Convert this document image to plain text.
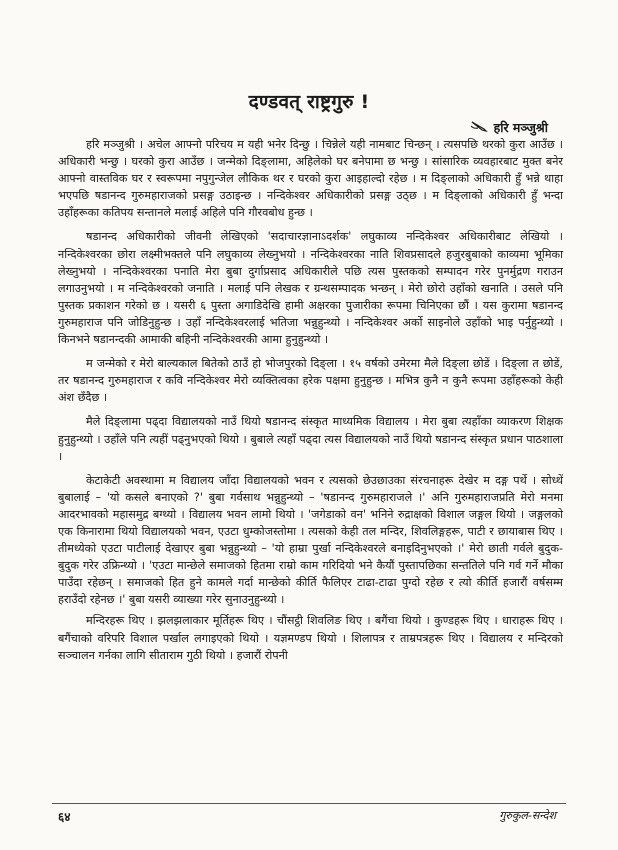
दण्डवत् राष्ट्रगुरु !
हरि मञ्जुश्री

हरि मञ्जुश्री । अचेल आफ्नो परिचय म यही भनेर दिन्छु । चिन्नेले यही नामबाट चिन्छन् । त्यसपछि थरको कुरा आउँछ । अधिकारी भन्छु । घरको कुरा आउँछ । जन्मेको दिङ्लामा, अहिलेको घर बनेपामा छ भन्छु । सांसारिक व्यवहारबाट मुक्त बनेर आफ्नो वास्तविक घर र स्वरूपमा नपुगुन्जेल लौकिक थर र घरको कुरा आइहाल्दो रहेछ । म दिङ्लाको अधिकारी हुँ भन्ने थाहा भएपछि षडानन्द गुरुमहाराजको प्रसङ्ग उठाइन्छ । नन्दिकेश्वर अधिकारीको प्रसङ्ग उठ्छ । म दिङ्लाको अधिकारी हुँ भन्दा उहाँहरूका कतिपय सन्तानले मलाई अहिले पनि गौरवबोध हुन्छ ।

षडानन्द अधिकारीको जीवनी लेखिएको 'सदाचारज्ञानाऽदर्शक' लघुकाव्य नन्दिकेश्वर अधिकारीबाट लेखियो । नन्दिकेश्वरका छोरा लक्ष्मीभक्तले पनि लघुकाव्य लेख्नुभयो । नन्दिकेश्वरका नाति शिवप्रसादले हजुरबुबाको काव्यमा भूमिका लेख्नुभयो । नन्दिकेश्वरका पनाति मेरा बुबा दुर्गाप्रसाद अधिकारीले पछि त्यस पुस्तकको सम्पादन गरेर पुनर्मुद्रण गराउन लगाउनुभयो । म नन्दिकेश्वरको जनाति । मलाई पनि लेखक र ग्रन्थसम्पादक भन्छन् । मेरो छोरो उहाँको खनाति । उसले पनि पुस्तक प्रकाशन गरेको छ । यसरी ६ पुस्ता अगाडिदेखि हामी अक्षरका पुजारीका रूपमा चिनिएका छौं । यस कुरामा षडानन्द गुरुमहाराज पनि जोडिनुहुन्छ । उहाँ नन्दिकेश्वरलाई भतिजा भन्नुहुन्थ्यो । नन्दिकेश्वर अर्को साइनोले उहाँको भाइ पर्नुहुन्थ्यो । किनभने षडानन्दकी आमाकी बहिनी नन्दिकेश्वरकी आमा हुनुहुन्थ्यो ।

म जन्मेको र मेरो बाल्यकाल बितेको ठाउँ हो भोजपुरको दिङ्ला । १५ वर्षको उमेरमा मैले दिङ्ला छोडें । दिङ्ला त छोडें, तर षडानन्द गुरुमहाराज र कवि नन्दिकेश्वर मेरो व्यक्तित्वका हरेक पक्षमा हुनुहुन्छ । मभित्र कुनै न कुनै रूपमा उहाँहरूको केही अंश छँदैछ ।

मैले दिङ्लामा पढ्दा विद्यालयको नाउँ थियो षडानन्द संस्कृत माध्यमिक विद्यालय । मेरा बुबा त्यहाँका व्याकरण शिक्षक हुनुहुन्थ्यो । उहाँले पनि त्यहीं पढ्नुभएको थियो । बुबाले त्यहाँ पढ्दा त्यस विद्यालयको नाउँ थियो षडानन्द संस्कृत प्रधान पाठशाला ।

केटाकेटी अवस्थामा म विद्यालय जाँदा विद्यालयको भवन र त्यसको छेउछाउका संरचनाहरू देखेर म दङ्ग पर्थे । सोध्थें बुबालाई – 'यो कसले बनाएको ?' बुबा गर्वसाथ भन्नुहुन्थ्यो – 'षडानन्द गुरुमहाराजले ।' अनि गुरुमहाराजप्रति मेरो मनमा आदरभावको महासमुद्र बग्थ्यो । विद्यालय भवन लामो थियो । 'जगेडाको वन' भनिने रुद्राक्षको विशाल जङ्गल थियो । जङ्गलको एक किनारामा थियो विद्यालयको भवन, एउटा धुम्कोजस्तोमा । त्यसको केही तल मन्दिर, शिवलिङ्गहरू, पाटी र छायाबास थिए । तीमध्येको एउटा पाटीलाई देखाएर बुबा भन्नुहुन्थ्यो – 'यो हाम्रा पुर्खा नन्दिकेश्वरले बनाइदिनुभएको ।' मेरो छाती गर्वले बुदुक-बुदुक गरेर उफ्रिन्थ्यो । 'एउटा मान्छेले समाजको हितमा राम्रो काम गरिदियो भने कैयौं पुस्तापछिका सन्ततिले पनि गर्व गर्ने मौका पाउँदा रहेछन् । समाजको हित हुने कामले गर्दा मान्छेको कीर्ति फैलिएर टाढा-टाढा पुग्दो रहेछ र त्यो कीर्ति हजारौं वर्षसम्म हराउँदो रहेनछ ।' बुबा यसरी व्याख्या गरेर सुनाउनुहुन्थ्यो ।

मन्दिरहरू थिए । झलझलाकार मूर्तिहरू थिए । चौंसट्ठी शिवलिङ थिए । बगैंचा थियो । कुण्डहरू थिए । धाराहरू थिए । बगैंचाको वरिपरि विशाल पर्खाल लगाइएको थियो । यज्ञमण्डप थियो । शिलापत्र र ताम्रपत्रहरू थिए । विद्यालय र मन्दिरको सञ्चालन गर्नका लागि सीताराम गुठी थियो । हजारौं रोपनी

६४	गुरुकुल-सन्देश
